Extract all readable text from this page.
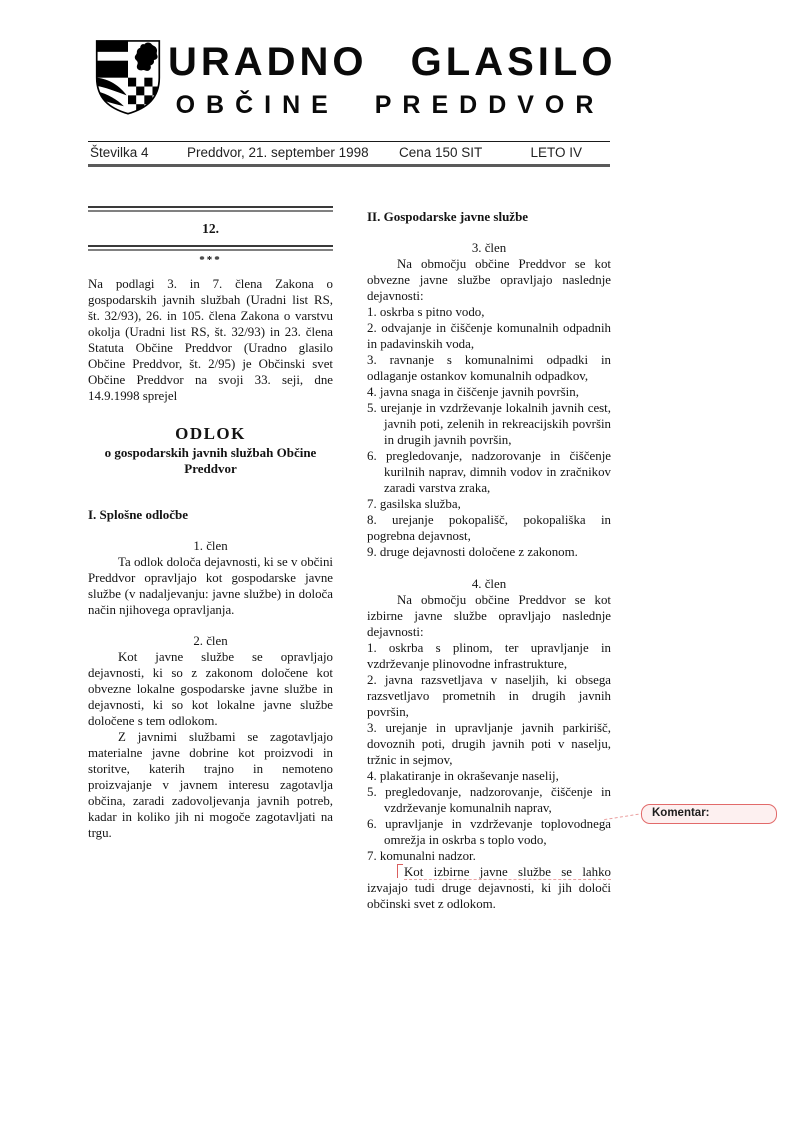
URADNO GLASILO
OBČINE PREDDVOR
Številka 4	Preddvor, 21. september 1998	Cena 150 SIT	LETO IV

12.

***

Na podlagi 3. in 7. člena Zakona o gospodarskih javnih službah (Uradni list RS, št. 32/93), 26. in 105. člena Zakona o varstvu okolja (Uradni list RS, št. 32/93) in 23. člena Statuta Občine Preddvor (Uradno glasilo Občine Preddvor, št. 2/95) je Občinski svet Občine Preddvor na svoji 33. seji, dne 14.9.1998 sprejel

ODLOK

o gospodarskih javnih službah Občine Preddvor

I. Splošne odločbe

1. člen

Ta odlok določa dejavnosti, ki se v občini Preddvor opravljajo kot gospodarske javne službe (v nadaljevanju: javne službe) in določa način njihovega opravljanja.

2. člen

Kot javne službe se opravljajo dejavnosti, ki so z zakonom določene kot obvezne lokalne gospodarske javne službe in dejavnosti, ki so kot lokalne javne službe določene s tem odlokom.

Z javnimi službami se zagotavljajo materialne javne dobrine kot proizvodi in storitve, katerih trajno in nemoteno proizvajanje v javnem interesu zagotavlja občina, zaradi zadovoljevanja javnih potreb, kadar in koliko jih ni mogoče zagotavljati na trgu.

II. Gospodarske javne službe

3. člen

Na območju občine Preddvor se kot obvezne javne službe opravljajo naslednje dejavnosti:

1. oskrba s pitno vodo,

2. odvajanje in čiščenje komunalnih odpadnih in padavinskih voda,

3. ravnanje s komunalnimi odpadki in odlaganje ostankov komunalnih odpadkov,

4. javna snaga in čiščenje javnih površin,

5. urejanje in vzdrževanje lokalnih javnih cest, javnih poti, zelenih in rekreacijskih površin in drugih javnih površin,

6. pregledovanje, nadzorovanje in čiščenje kurilnih naprav, dimnih vodov in zračnikov zaradi varstva zraka,

7. gasilska služba,

8. urejanje pokopališč, pokopališka in pogrebna dejavnost,

9. druge dejavnosti določene z zakonom.

4. člen

Na območju občine Preddvor se kot izbirne javne službe opravljajo naslednje dejavnosti:

1. oskrba s plinom, ter upravljanje in vzdrževanje plinovodne infrastrukture,

2. javna razsvetljava v naseljih, ki obsega razsvetljavo prometnih in drugih javnih površin,

3. urejanje in upravljanje javnih parkirišč, dovoznih poti, drugih javnih poti v naselju, tržnic in sejmov,

4. plakatiranje in okraševanje naselij,

5. pregledovanje, nadzorovanje, čiščenje in vzdrževanje komunalnih naprav,

6. upravljanje in vzdrževanje toplovodnega omrežja in oskrba s toplo vodo,

7. komunalni nadzor.

Kot izbirne javne službe se lahko izvajajo tudi druge dejavnosti, ki jih določi občinski svet z odlokom.

Komentar:
